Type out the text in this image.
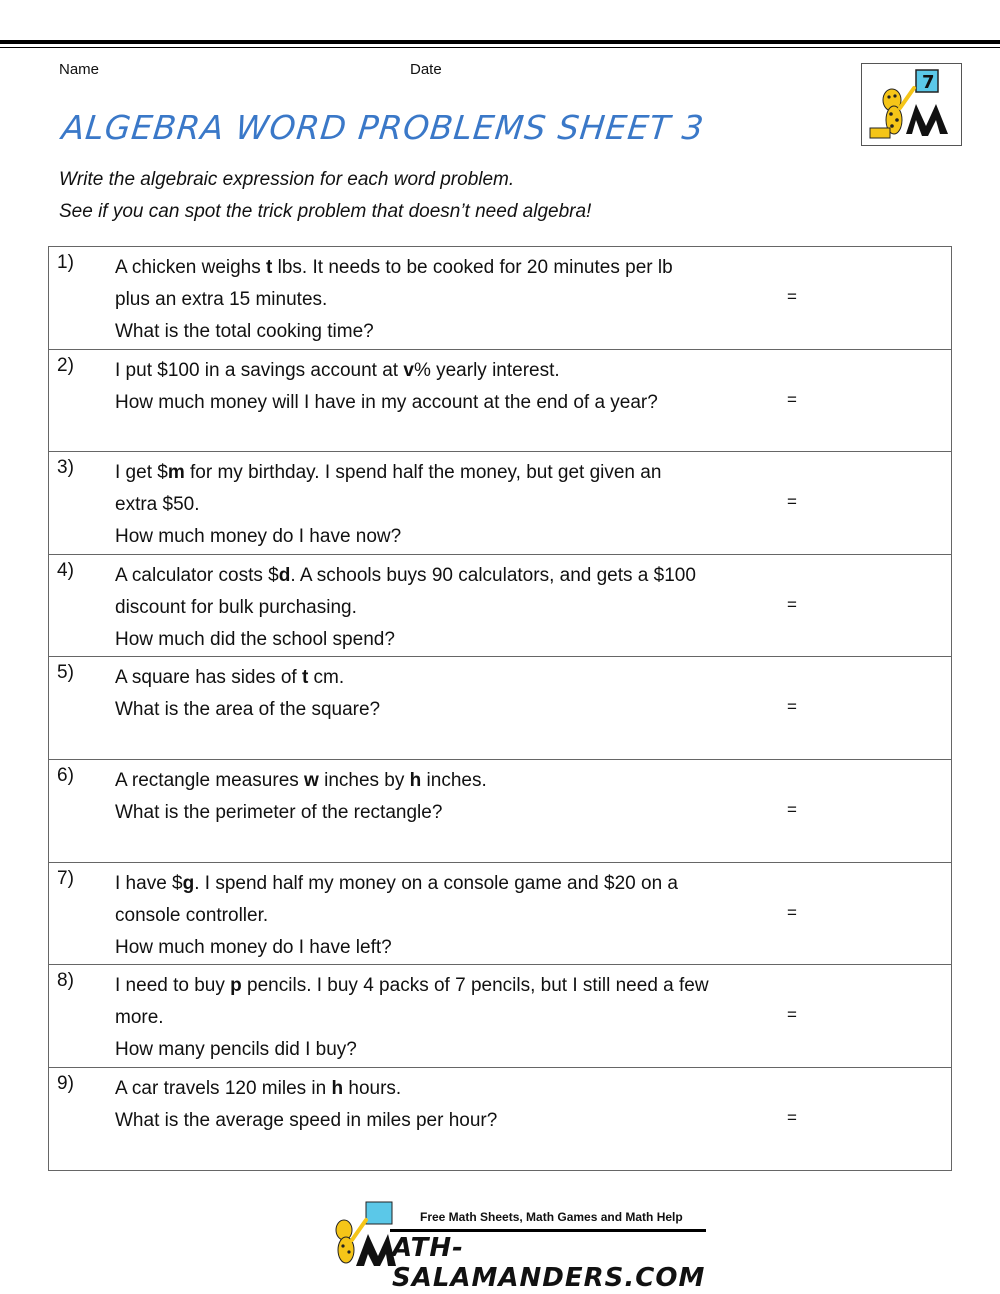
Name	Date
ALGEBRA WORD PROBLEMS SHEET 3
7
Write the algebraic expression for each word problem.
See if you can spot the trick problem that doesn’t need algebra!
1) A chicken weighs t lbs. It needs to be cooked for 20 minutes per lb
plus an extra 15 minutes.
What is the total cooking time?
=
2) I put $100 in a savings account at v% yearly interest.
How much money will I have in my account at the end of a year?	=
3) I get $m for my birthday. I spend half the money, but get given an
extra $50.
How much money do I have now?
=
4) A calculator costs $d. A schools buys 90 calculators, and gets a $100
discount for bulk purchasing.
How much did the school spend?
=
5) A square has sides of t cm.
What is the area of the square?	=
6) A rectangle measures w inches by h inches.
What is the perimeter of the rectangle?	=
7) I have $g. I spend half my money on a console game and $20 on a
console controller.
How much money do I have left?
=
8) I need to buy p pencils. I buy 4 packs of 7 pencils, but I still need a few
more.
How many pencils did I buy?
=
9) A car travels 120 miles in h hours.
What is the average speed in miles per hour?	=
Free Math Sheets, Math Games and Math Help
ATH-SALAMANDERS.COM
